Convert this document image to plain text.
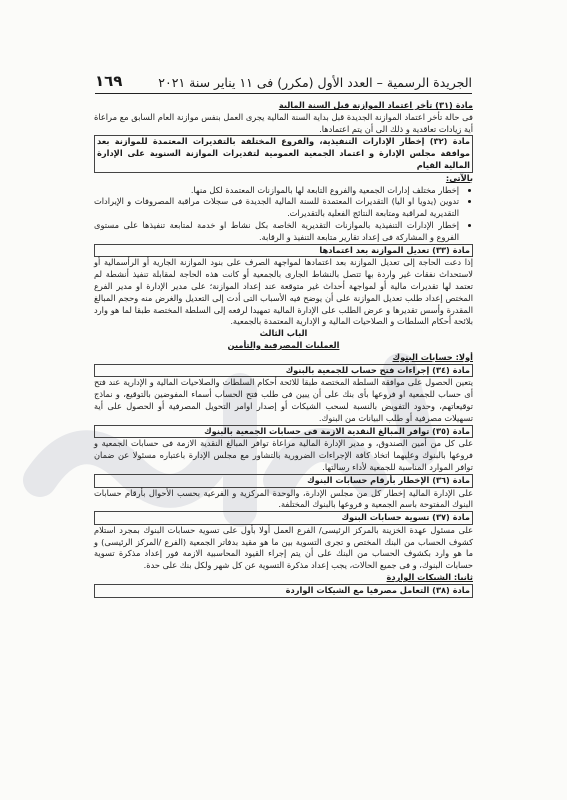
الجريدة الرسمية – العدد الأول (مكرر) فى ١١ يناير سنة ٢٠٢١
١٦٩

مادة (٣١) تأخر اعتماد الموازنة قبل السنة المالية

فى حالة تأخر اعتماد الموازنة الجديدة قبل بداية السنة المالية يجرى العمل بنفس موازنة العام السابق مع مراعاة أية زيادات تعاقدية و ذلك الى أن يتم اعتمادها.

مادة (٣٢) إخطار الإدارات التنفيذية، والفروع المختلفة بالتقديرات المعتمدة للموازنة بعد موافقة مجلس الإدارة و اعتماد الجمعية العمومية لتقديرات الموازنة السنوية على الإدارة المالية القيام

بالآتى:

• إخطار مختلف إدارات الجمعية والفروع التابعة لها بالموازنات المعتمدة لكل منها.
• تدوين (يدويا او اليا) التقديرات المعتمدة للسنة المالية الجديدة فى سجلات مراقبة المصروفات و الإيرادات التقديرية لمراقبة ومتابعة النتائج الفعلية بالتقديرات.
• إخطار الإدارات التنفيذية بالموازنات التقديرية الخاصة بكل نشاط او خدمة لمتابعة تنفيذها على مستوى الفروع و المشاركة فى إعداد تقارير متابعة التنفيذ و الرقابة.

مادة (٣٣) تعديل الموازنة بعد اعتمادها

إذا دعت الحاجة إلى تعديل الموازنة بعد اعتمادها لمواجهة الصرف على بنود الموازنة الجارية أو الرأسمالية أو لاستحداث نفقات غير واردة بها تتصل بالنشاط الجارى بالجمعية أو كانت هذه الحاجة لمقابلة تنفيذ أنشطة لم تعتمد لها تقديرات مالية أو لمواجهة أحداث غير متوقعة عند إعداد الموازنة؛ على مدير الإدارة او مدير الفرع المختص إعداد طلب تعديل الموازنة على أن يوضح فيه الأسباب التى أدت إلى التعديل والغرض منه وحجم المبالغ المقدرة وأسس تقديرها و عرض الطلب على الإدارة المالية تمهيدا لرفعه إلى السلطة المختصة طبقا لما هو وارد بلائحة أحكام السلطات و الصلاحيات المالية و الإدارية المعتمدة بالجمعية.

الباب الثالث

العمليات المصرفية والتأمين

أولا: حسابات البنوك

مادة (٣٤) إجراءات فتح حساب للجمعية بالبنوك

يتعين الحصول على موافقة السلطة المختصة طبقا للائحة أحكام السلطات والصلاحيات المالية و الإدارية عند فتح أى حساب للجمعية او فروعها بأى بنك على أن يبين فى طلب فتح الحساب أسماء المفوضين بالتوقيع، و نماذج توقيعاتهم، وحدود التفويض بالنسبة لسحب الشيكات أو إصدار اوامر التحويل المصرفية أو الحصول على أية تسهيلات مصرفية أو طلب البيانات من البنوك.

مادة (٣٥) توافر المبالغ النقدية الازمة فى حسابات الجمعية بالبنوك

على كل من أمين الصندوق، و مدير الإدارة المالية مراعاة توافر المبالغ النقدية الازمة فى حسابات الجمعية و فروعها بالبنوك وعليهما اتخاذ كافة الإجراءات الضرورية بالتشاور مع مجلس الإدارة باعتباره مسئولا عن ضمان توافر الموارد المناسبة للجمعية لأداء رسالتها.

مادة (٣٦) الإخطار بأرقام حسابات البنوك

على الإدارة المالية إخطار كل من مجلس الإدارة، والوحدة المركزية و الفرعية بحسب الأحوال بأرقام حسابات البنوك المفتوحة باسم الجمعية و فروعها بالبنوك المختلفة.

مادة (٣٧) تسوية حسابات البنوك

على مسئول عهدة الخزينة بالمركز الرئيسى/ الفرع العمل أولا بأول على تسوية حسابات البنوك بمجرد استلام كشوف الحساب من البنك المختص و تجرى التسوية بين ما هو مقيد بدفاتر الجمعية (الفرع /المركز الرئيسى) و ما هو وارد بكشوف الحساب من البنك على أن يتم إجراء القيود المحاسبية الازمة فور إعداد مذكرة تسوية حسابات البنوك، و فى جميع الحالات، يجب إعداد مذكرة التسوية عن كل شهر ولكل بنك على حدة.

ثانيا: الشيكات الواردة

مادة (٣٨) التعامل مصرفيا مع الشيكات الواردة
